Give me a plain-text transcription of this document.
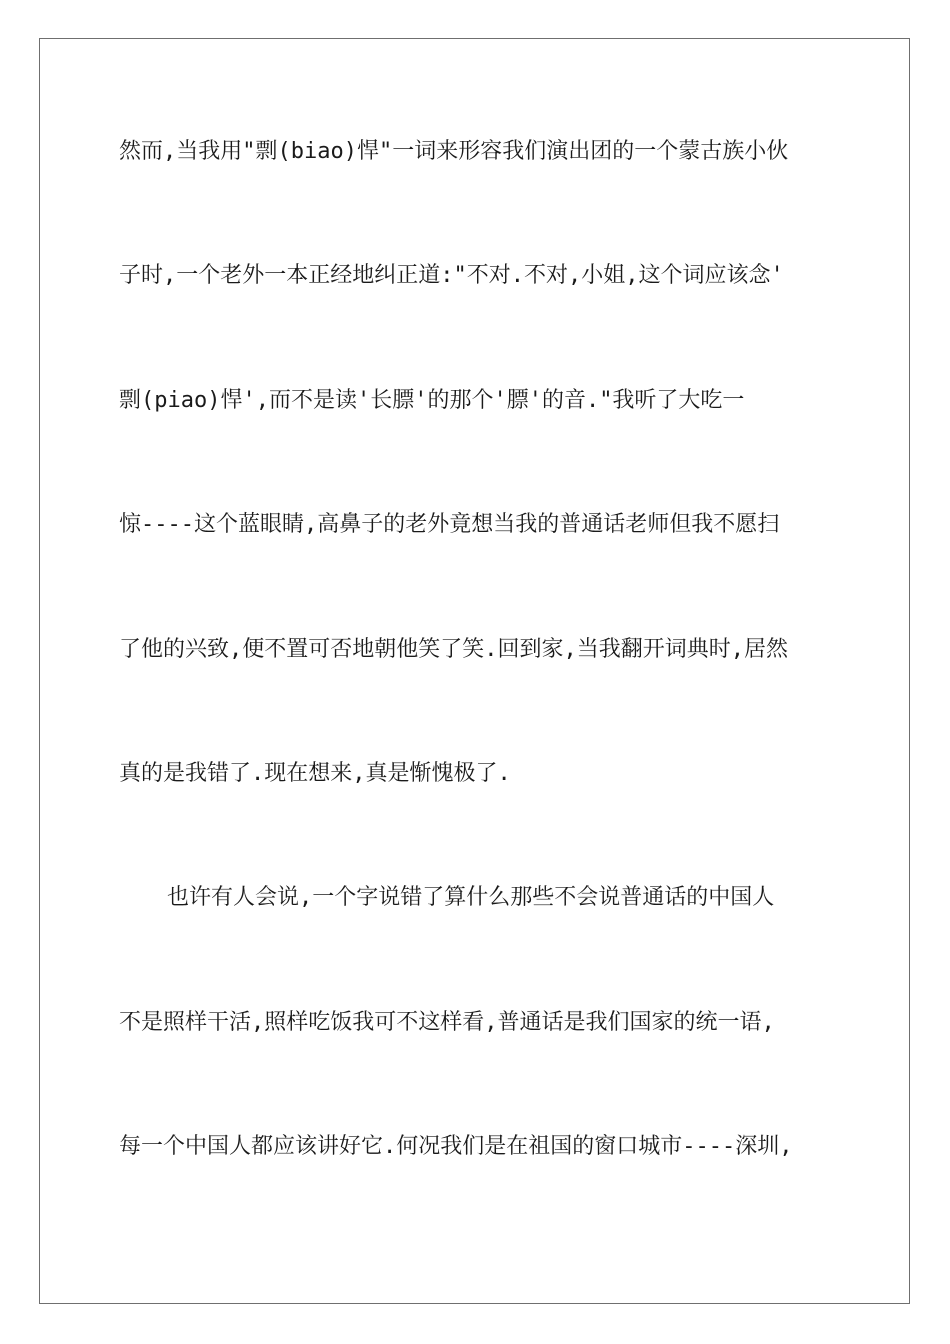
然而,当我用"剽(biao)悍"一词来形容我们演出团的一个蒙古族小伙
子时,一个老外一本正经地纠正道:"不对.不对,小姐,这个词应该念'
剽(piao)悍',而不是读'长膘'的那个'膘'的音."我听了大吃一
惊----这个蓝眼睛,高鼻子的老外竟想当我的普通话老师但我不愿扫
了他的兴致,便不置可否地朝他笑了笑.回到家,当我翻开词典时,居然
真的是我错了.现在想来,真是惭愧极了.
也许有人会说,一个字说错了算什么那些不会说普通话的中国人
不是照样干活,照样吃饭我可不这样看,普通话是我们国家的统一语,
每一个中国人都应该讲好它.何况我们是在祖国的窗口城市----深圳,
